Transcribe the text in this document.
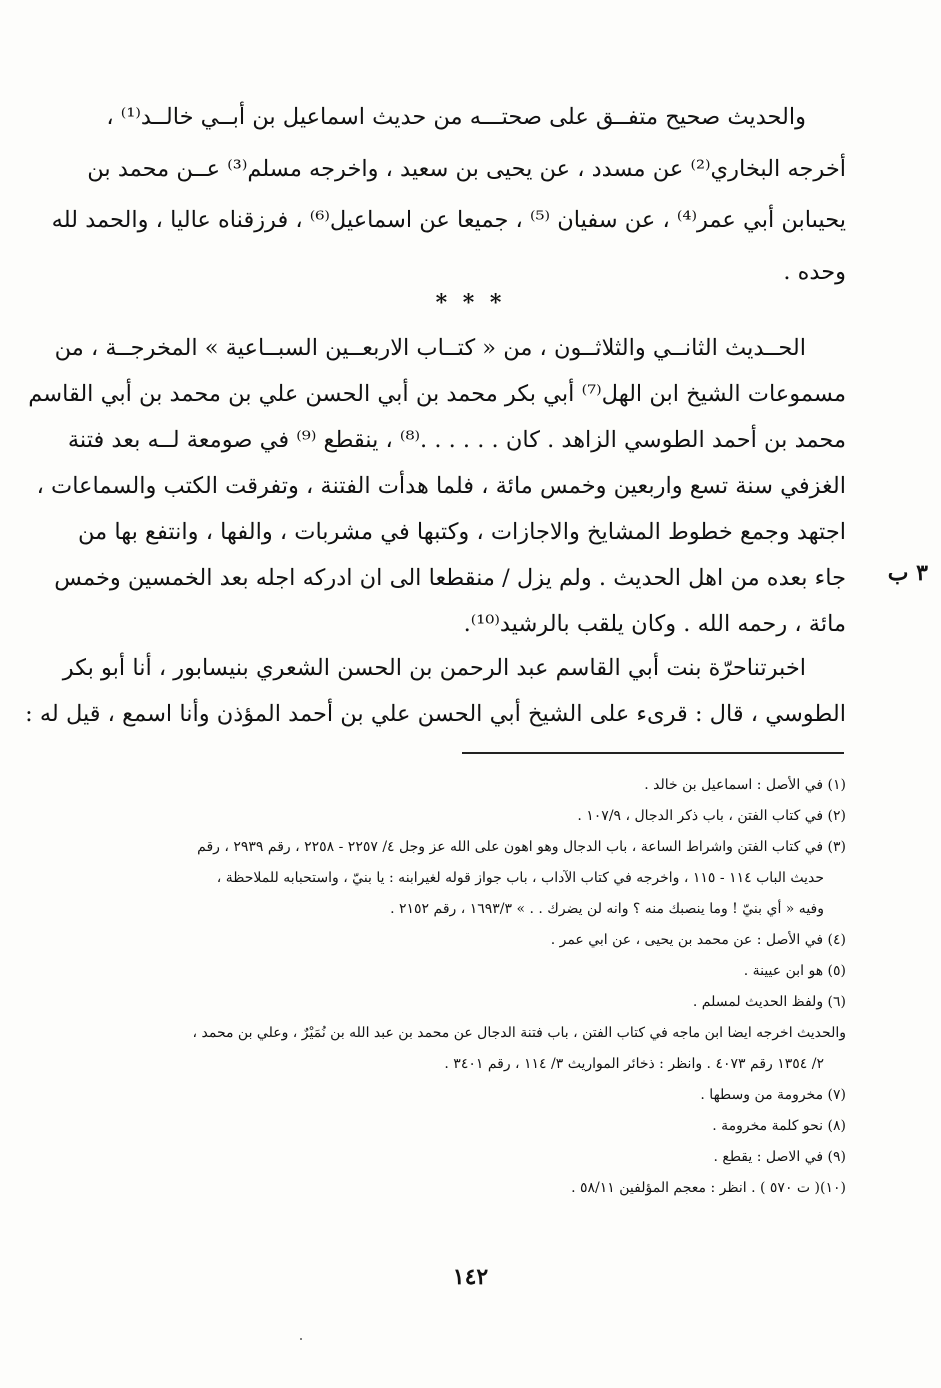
والحديث صحيح متفــق على صحتـــه من حديث اسماعيل بن أبــي خالــد⁽¹⁾ ،
أخرجه البخاري⁽²⁾ عن مسدد ، عن يحيى بن سعيد ، واخرجه مسلم⁽³⁾ عــن محمد بن
يحيىابن أبي عمر⁽⁴⁾ ، عن سفيان ⁽⁵⁾ ، جميعا عن اسماعيل⁽⁶⁾ ، فرزقناه عاليا ، والحمد لله
وحده .
* * *
الحــديث الثانــي والثلاثــون ، من « كتــاب الاربعــين السبــاعية » المخرجــة ، من
مسموعات الشيخ ابن الهل⁽⁷⁾ أبي بكر محمد بن أبي الحسن علي بن محمد بن أبي القاسم
محمد بن أحمد الطوسي الزاهد . كان . . . . . .⁽⁸⁾ ، ينقطع ⁽⁹⁾ في صومعة لــه بعد فتنة
الغزفي سنة تسع واربعين وخمس مائة ، فلما هدأت الفتنة ، وتفرقت الكتب والسماعات ،
اجتهد وجمع خطوط المشايخ والاجازات ، وكتبها في مشربات ، والفها ، وانتفع بها من
جاء بعده من اهل الحديث . ولم يزل / منقطعا الى ان ادركه اجله بعد الخمسين وخمس
مائة ، رحمه الله . وكان يلقب بالرشيد⁽¹⁰⁾.
٣ ب
اخبرتناحرّة بنت أبي القاسم عبد الرحمن بن الحسن الشعري بنيسابور ، أنا أبو بكر
الطوسي ، قال : قرىء على الشيخ أبي الحسن علي بن أحمد المؤذن وأنا اسمع ، قيل له :
(١) في الأصل : اسماعيل بن خالد .
(٢) في كتاب الفتن ، باب ذكر الدجال ، ١٠٧/٩ .
(٣) في كتاب الفتن واشراط الساعة ، باب الدجال وهو اهون على الله عز وجل ٤/ ٢٢٥٧ - ٢٢٥٨ ، رقم ٢٩٣٩ ، رقم
حديث الباب ١١٤ - ١١٥ ، واخرجه في كتاب الآداب ، باب جواز قوله لغيرابنه : يا بنيّ ، واستحبابه للملاحظة ،
وفيه « أي بنيّ ! وما ينصبك منه ؟ وانه لن يضرك . . » ١٦٩٣/٣ ، رقم ٢١٥٢ .
(٤) في الأصل : عن محمد بن يحيى ، عن ابي عمر .
(٥) هو ابن عيينة .
(٦) ولفظ الحديث لمسلم .
والحديث اخرجه ايضا ابن ماجه في كتاب الفتن ، باب فتنة الدجال عن محمد بن عبد الله بن نُمَيْرٌ ، وعلي بن محمد ،
٢/ ١٣٥٤ رقم ٤٠٧٣ . وانظر : ذخائر المواريث ٣/ ١١٤ ، رقم ٣٤٠١ .
(٧) مخرومة من وسطها .
(٨) نحو كلمة مخرومة .
(٩) في الاصل : يقطع .
(١٠)( ت ٥٧٠ ) . انظر : معجم المؤلفين ٥٨/١١ .
١٤٢
